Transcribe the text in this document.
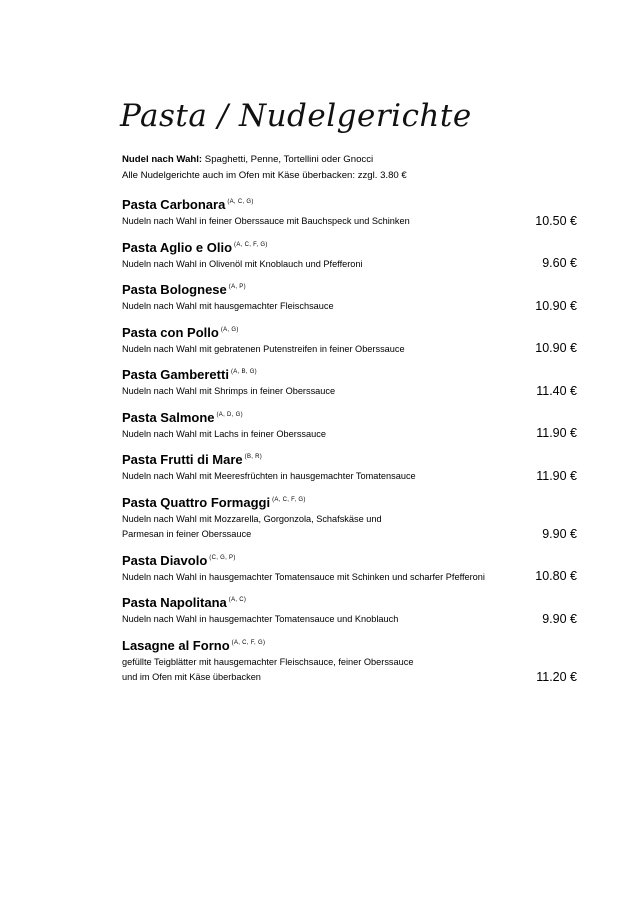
Pasta / Nudelgerichte
Nudel nach Wahl: Spaghetti, Penne, Tortellini oder Gnocci
Alle Nudelgerichte auch im Ofen mit Käse überbacken: zzgl. 3.80 €
Pasta Carbonara $^{(A, C, G)}$
Nudeln nach Wahl in feiner Oberssauce mit Bauchspeck und Schinken	10.50 €
Pasta Aglio e Olio $^{(A, C, F, G)}$
Nudeln nach Wahl in Olivenöl mit Knoblauch und Pfefferoni	9.60 €
Pasta Bolognese $^{(A, P)}$
Nudeln nach Wahl mit hausgemachter Fleischsauce	10.90 €
Pasta con Pollo $^{(A, G)}$
Nudeln nach Wahl mit gebratenen Putenstreifen in feiner Oberssauce	10.90 €
Pasta Gamberetti $^{(A, B, G)}$
Nudeln nach Wahl mit Shrimps in feiner Oberssauce	11.40 €
Pasta Salmone $^{(A, D, G)}$
Nudeln nach Wahl mit Lachs in feiner Oberssauce	11.90 €
Pasta Frutti di Mare $^{(B, R)}$
Nudeln nach Wahl mit Meeresfrüchten in hausgemachter Tomatensauce	11.90 €
Pasta Quattro Formaggi $^{(A, C, F, G)}$
Nudeln nach Wahl mit Mozzarella, Gorgonzola, Schafskäse und
Parmesan in feiner Oberssauce	9.90 €
Pasta Diavolo $^{(C, G, P)}$
Nudeln nach Wahl in hausgemachter Tomatensauce mit Schinken und scharfer Pfefferoni	10.80 €
Pasta Napolitana $^{(A, C)}$
Nudeln nach Wahl in hausgemachter Tomatensauce und Knoblauch	9.90 €
Lasagne al Forno $^{(A, C, F, G)}$
gefüllte Teigblätter mit hausgemachter Fleischsauce, feiner Oberssauce
und im Ofen mit Käse überbacken	11.20 €
